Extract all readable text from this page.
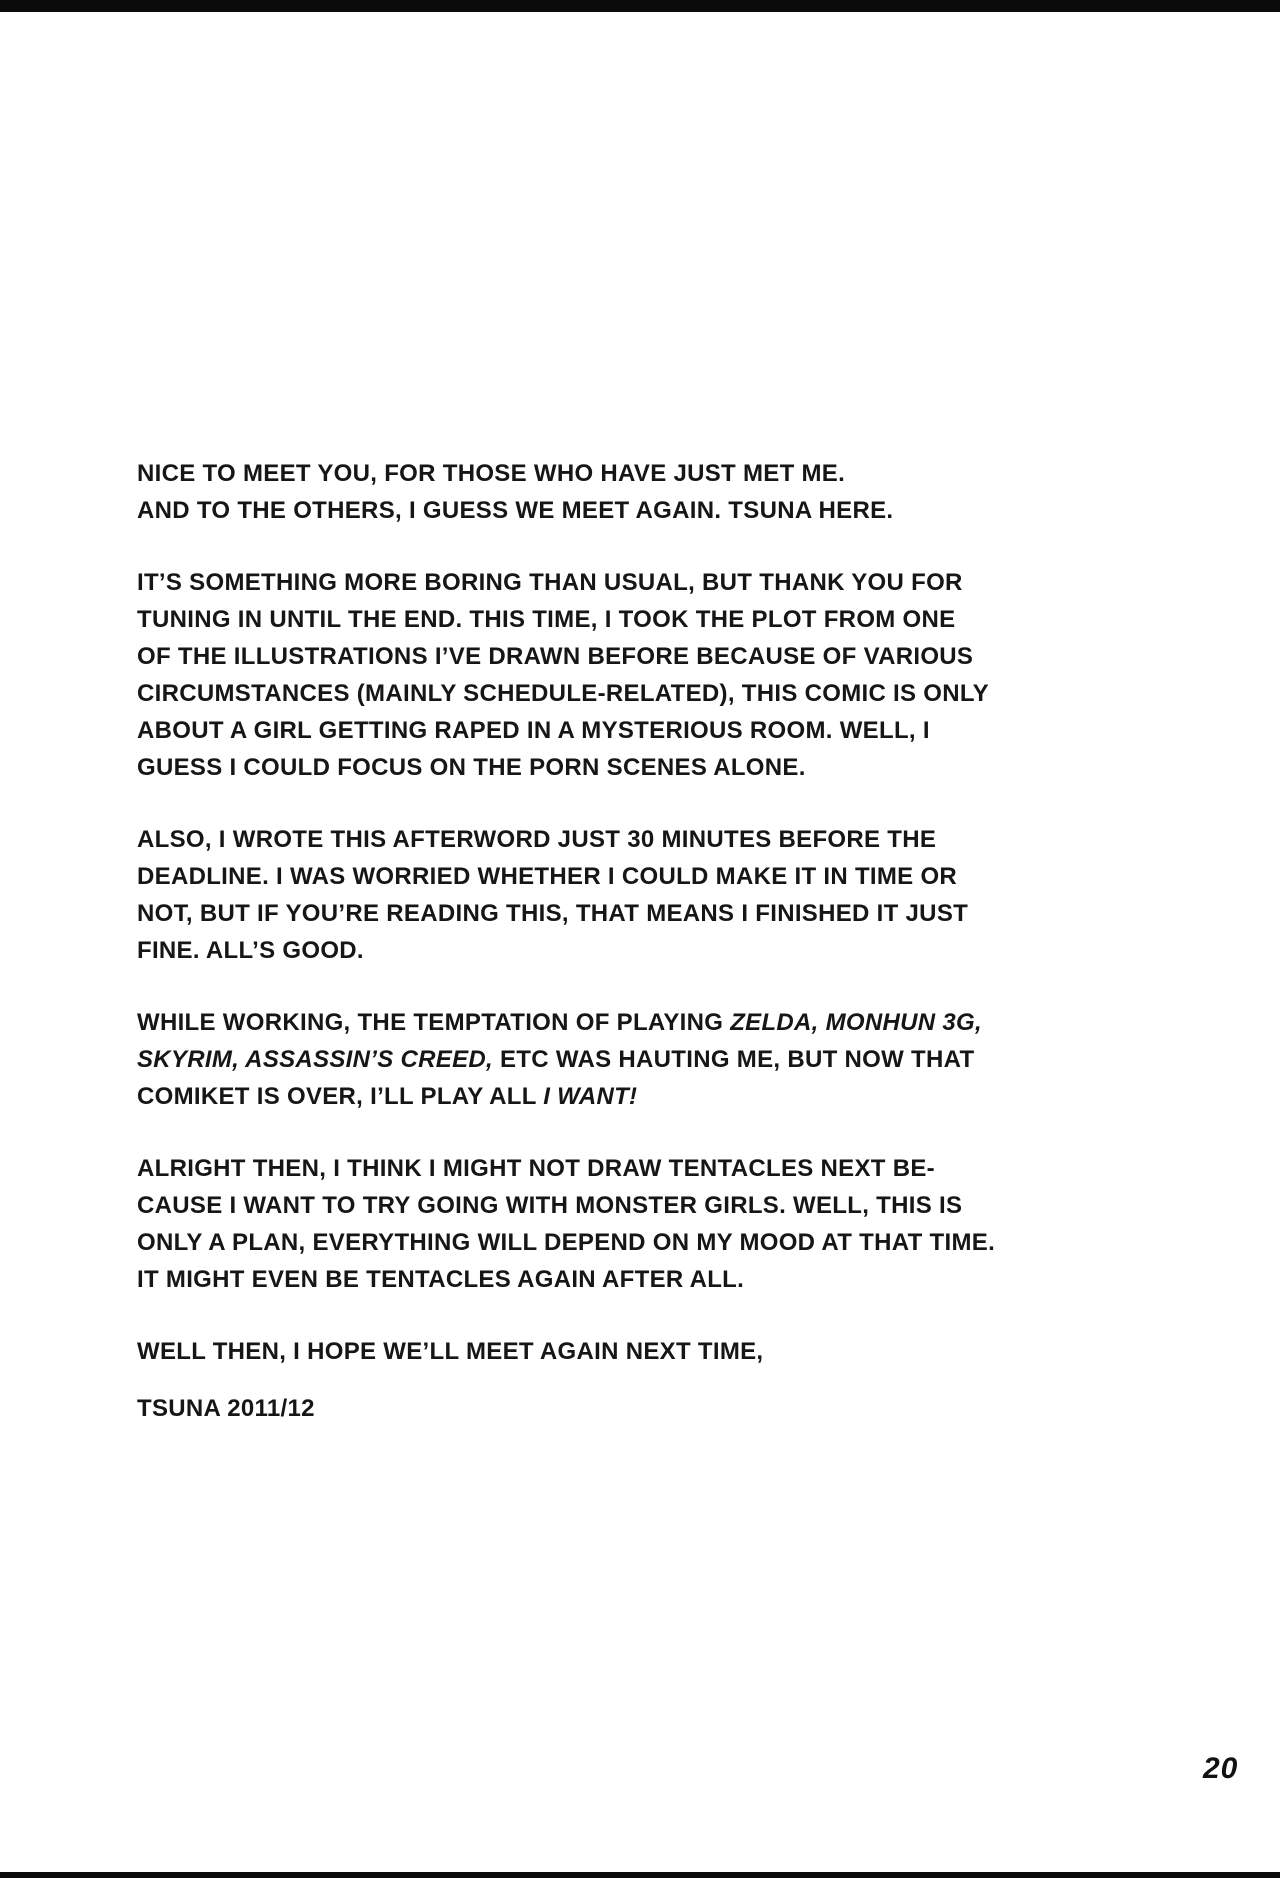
NICE TO MEET YOU, FOR THOSE WHO HAVE JUST MET ME.
AND TO THE OTHERS, I GUESS WE MEET AGAIN. TSUNA HERE.
IT’S SOMETHING MORE BORING THAN USUAL, BUT THANK YOU FOR
TUNING IN UNTIL THE END. THIS TIME, I TOOK THE PLOT FROM ONE
OF THE ILLUSTRATIONS I’VE DRAWN BEFORE BECAUSE OF VARIOUS
CIRCUMSTANCES (MAINLY SCHEDULE-RELATED), THIS COMIC IS ONLY
ABOUT A GIRL GETTING RAPED IN A MYSTERIOUS ROOM. WELL, I
GUESS I COULD FOCUS ON THE PORN SCENES ALONE.
ALSO, I WROTE THIS AFTERWORD JUST 30 MINUTES BEFORE THE
DEADLINE. I WAS WORRIED WHETHER I COULD MAKE IT IN TIME OR
NOT, BUT IF YOU’RE READING THIS, THAT MEANS I FINISHED IT JUST
FINE. ALL’S GOOD.
WHILE WORKING, THE TEMPTATION OF PLAYING ZELDA, MONHUN 3G,
SKYRIM, ASSASSIN’S CREED, ETC WAS HAUTING ME, BUT NOW THAT
COMIKET IS OVER, I’LL PLAY ALL I WANT!
ALRIGHT THEN, I THINK I MIGHT NOT DRAW TENTACLES NEXT BE-
CAUSE I WANT TO TRY GOING WITH MONSTER GIRLS. WELL, THIS IS
ONLY A PLAN, EVERYTHING WILL DEPEND ON MY MOOD AT THAT TIME.
IT MIGHT EVEN BE TENTACLES AGAIN AFTER ALL.
WELL THEN, I HOPE WE’LL MEET AGAIN NEXT TIME,
TSUNA 2011/12
20
